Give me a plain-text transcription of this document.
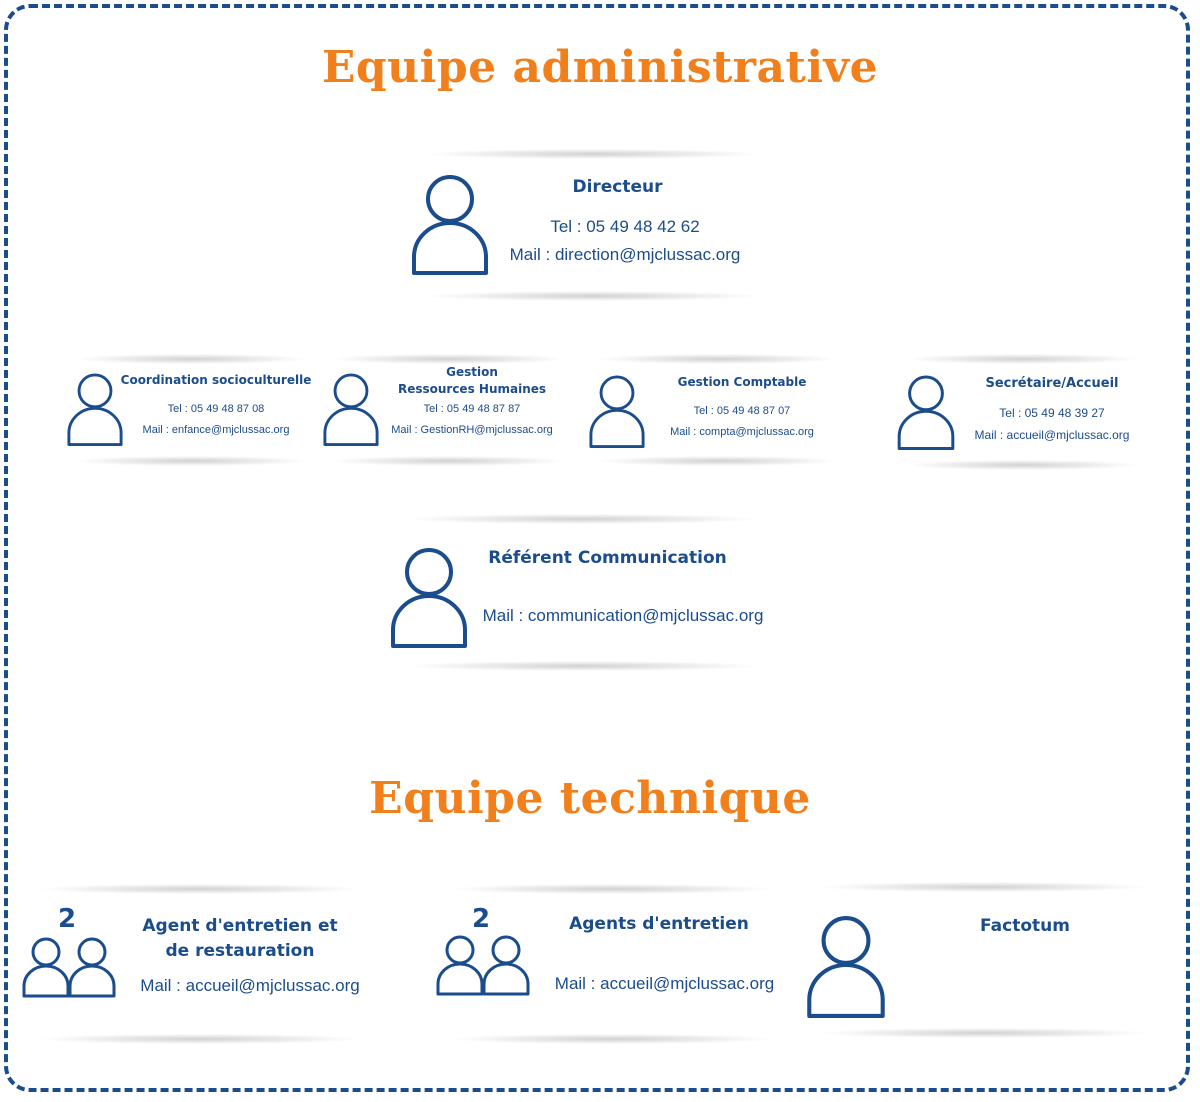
Equipe administrative
Directeur
Tel : 05 49 48 42 62
Mail : direction@mjclussac.org
Coordination socioculturelle
Tel : 05 49 48 87 08
Mail : enfance@mjclussac.org
Gestion
Ressources Humaines
Tel : 05 49 48 87 87
Mail : GestionRH@mjclussac.org
Gestion Comptable
Tel : 05 49 48 87 07
Mail : compta@mjclussac.org
Secrétaire/Accueil
Tel : 05 49 48 39 27
Mail : accueil@mjclussac.org
Référent Communication
Mail : communication@mjclussac.org
Equipe technique
2	Agent d'entretien et
de restauration
Mail : accueil@mjclussac.org
2	Agents d'entretien
Mail : accueil@mjclussac.org
Factotum
